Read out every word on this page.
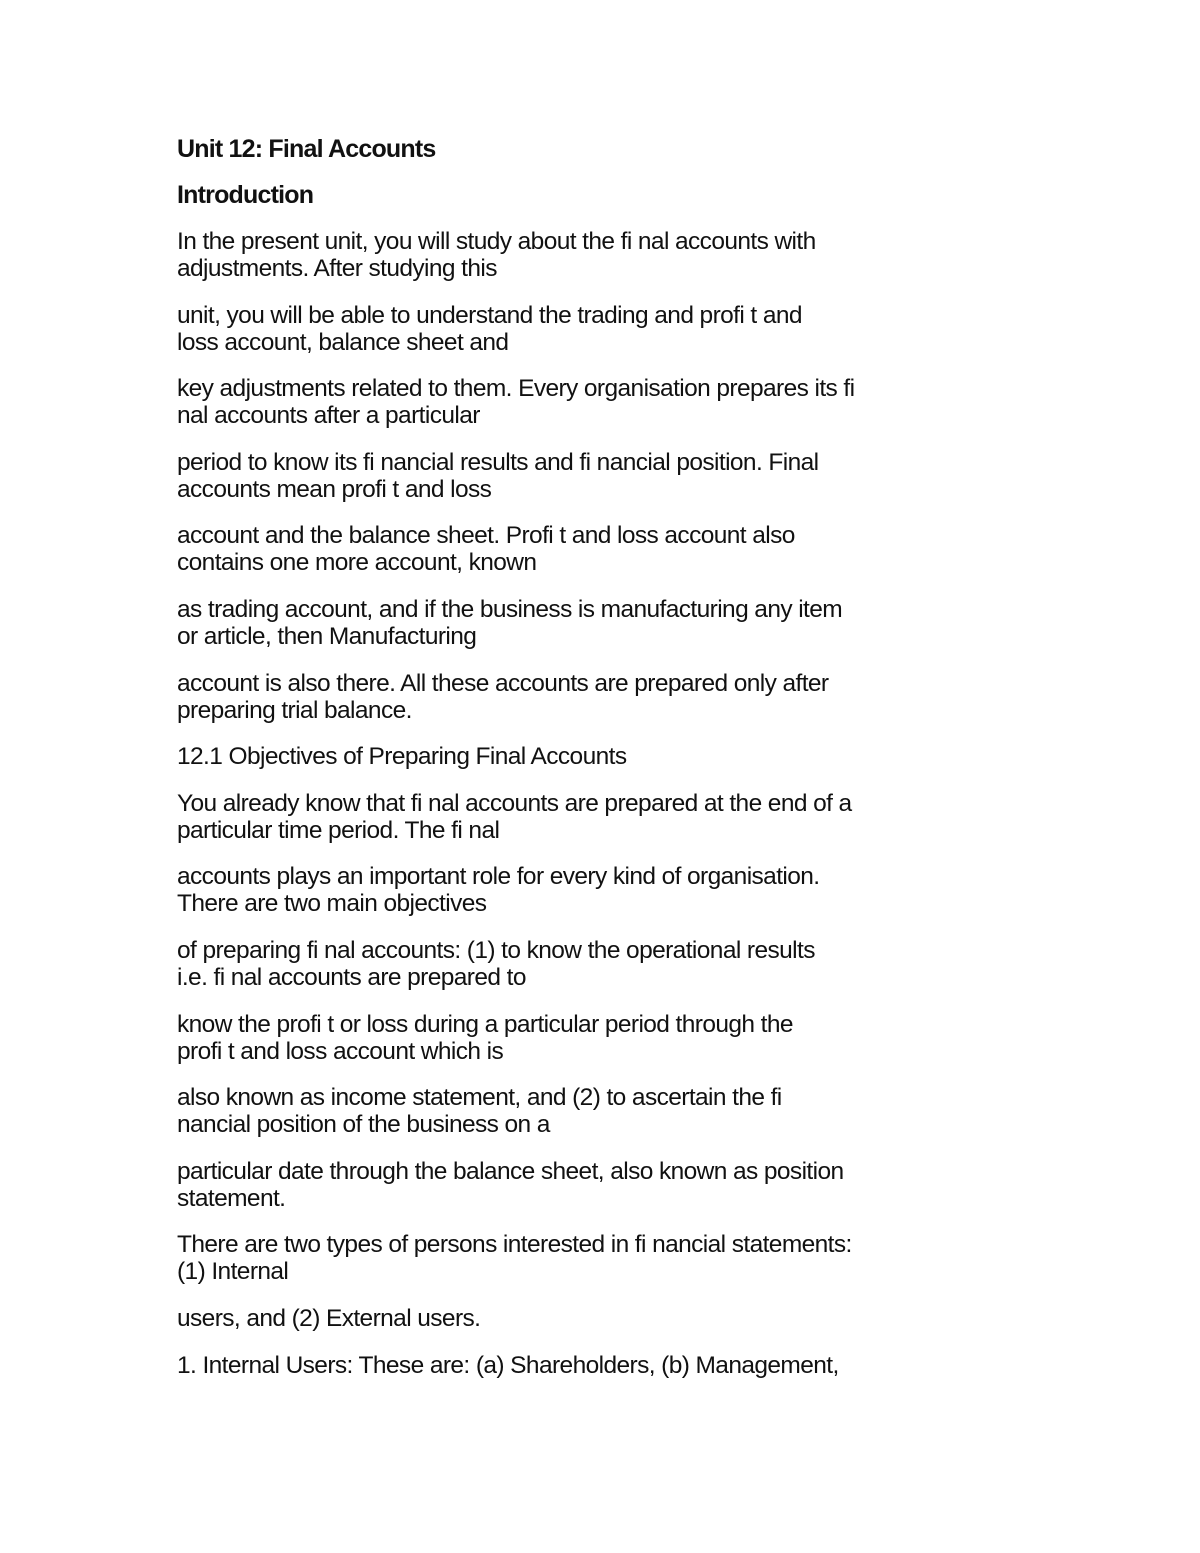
Unit 12: Final Accounts
Introduction

In the present unit, you will study about the fi nal accounts with
adjustments. After studying this

unit, you will be able to understand the trading and profi t and
loss account, balance sheet and

key adjustments related to them. Every organisation prepares its fi
nal accounts after a particular

period to know its fi nancial results and fi nancial position. Final
accounts mean profi t and loss

account and the balance sheet. Profi t and loss account also
contains one more account, known

as trading account, and if the business is manufacturing any item
or article, then Manufacturing

account is also there. All these accounts are prepared only after
preparing trial balance.

12.1 Objectives of Preparing Final Accounts

You already know that fi nal accounts are prepared at the end of a
particular time period. The fi nal

accounts plays an important role for every kind of organisation.
There are two main objectives

of preparing fi nal accounts: (1) to know the operational results
i.e. fi nal accounts are prepared to

know the profi t or loss during a particular period through the
profi t and loss account which is

also known as income statement, and (2) to ascertain the fi
nancial position of the business on a

particular date through the balance sheet, also known as position
statement.

There are two types of persons interested in fi nancial statements:
(1) Internal

users, and (2) External users.

1. Internal Users: These are: (a) Shareholders, (b) Management,
